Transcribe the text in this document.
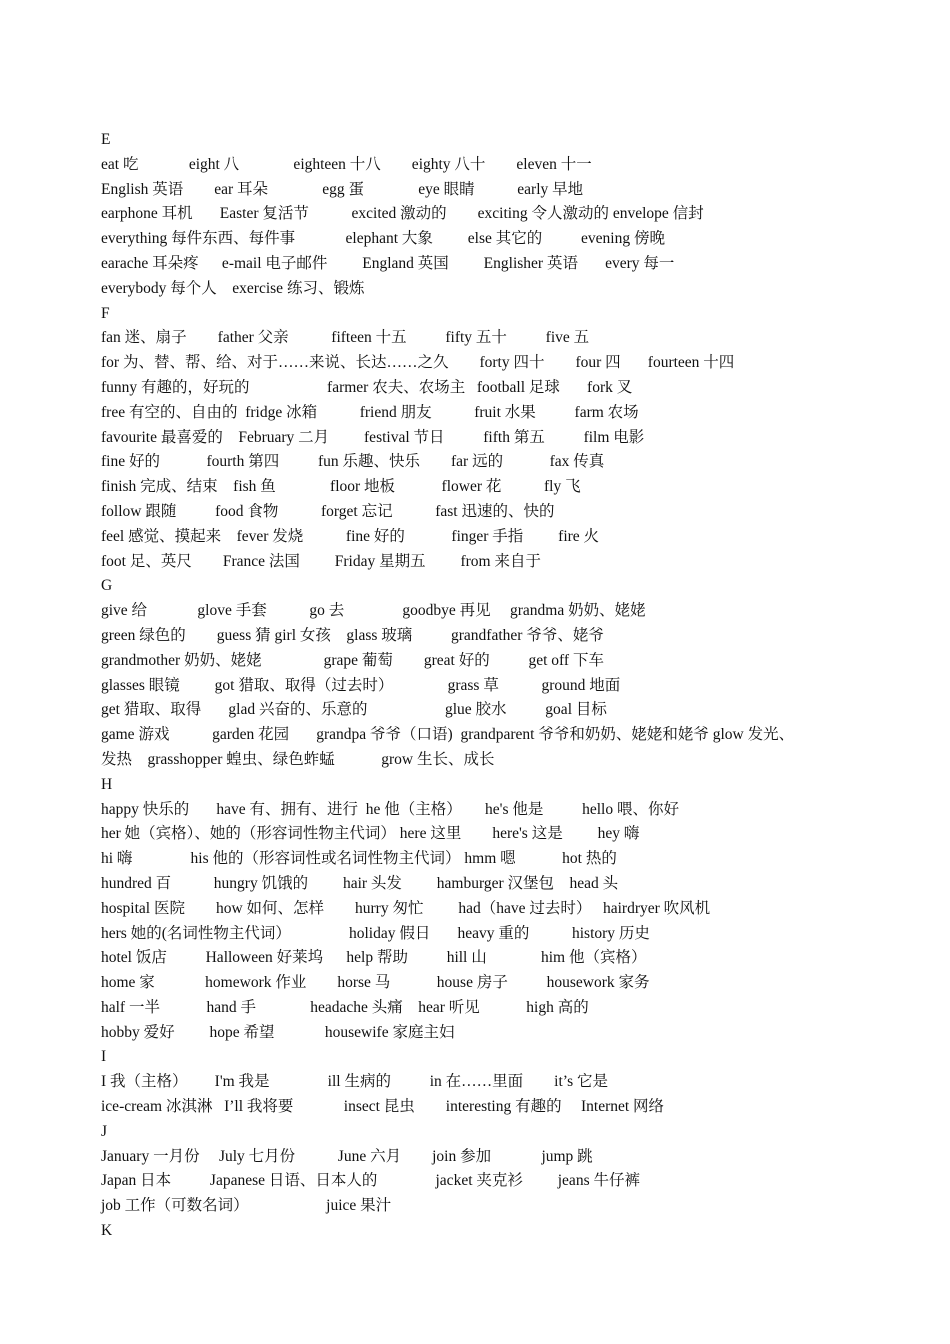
E
eat 吃             eight 八              eighteen 十八        eighty 八十        eleven 十一
English 英语        ear 耳朵              egg 蛋              eye 眼睛           early 早地
earphone 耳机       Easter 复活节           excited 激动的        exciting 令人激动的 envelope 信封
everything 每件东西、每件事             elephant 大象         else 其它的          evening 傍晚
earache 耳朵疼      e-mail 电子邮件         England 英国         Englisher 英语       every 每一
everybody 每个人    exercise 练习、锻炼
F
fan 迷、扇子        father 父亲           fifteen 十五          fifty 五十          five 五
for 为、替、帮、给、对于……来说、长达……之久        forty 四十        four 四       fourteen 十四
funny 有趣的，好玩的                    farmer 农夫、农场主   football 足球       fork 叉
free 有空的、自由的  fridge 冰箱           friend 朋友           fruit 水果          farm 农场
favourite 最喜爱的    February 二月         festival 节日          fifth 第五          film 电影
fine 好的            fourth 第四          fun 乐趣、快乐        far 远的            fax 传真
finish 完成、结束    fish 鱼              floor 地板            flower 花           fly 飞
follow 跟随          food 食物           forget 忘记           fast 迅速的、快的
feel 感觉、摸起来    fever 发烧           fine 好的            finger 手指         fire 火
foot 足、英尺        France 法国         Friday 星期五         from 来自于
G
give 给             glove 手套           go 去               goodbye 再见     grandma 奶奶、姥姥
green 绿色的        guess 猜 girl 女孩    glass 玻璃          grandfather 爷爷、姥爷
grandmother 奶奶、姥姥                grape 葡萄        great 好的          get off 下车
glasses 眼镜         got 猎取、取得（过去时）              grass 草           ground 地面
get 猎取、取得       glad 兴奋的、乐意的                    glue 胶水          goal 目标
game 游戏           garden 花园       grandpa 爷爷（口语)  grandparent 爷爷和奶奶、姥姥和姥爷 glow 发光、
发热    grasshopper 蝗虫、绿色蚱蜢            grow 生长、成长
H
happy 快乐的       have 有、拥有、进行  he 他（主格）      he's 他是          hello 喂、你好
her 她（宾格）、她的（形容词性物主代词） here 这里        here's 这是         hey 嗨
hi 嗨               his 他的（形容词性或名词性物主代词） hmm 嗯            hot 热的
hundred 百           hungry 饥饿的         hair 头发         hamburger 汉堡包    head 头
hospital 医院        how 如何、怎样        hurry 匆忙         had（have 过去时）   hairdryer 吹风机
hers 她的(名词性物主代词）               holiday 假日       heavy 重的           history 历史
hotel 饭店          Halloween 好莱坞      help 帮助          hill 山              him 他（宾格）
home 家             homework 作业        horse 马            house 房子          housework 家务
half 一半            hand 手              headache 头痛    hear 听见            high 高的
hobby 爱好         hope 希望             housewife 家庭主妇
I
I 我（主格）       I'm 我是               ill 生病的          in 在……里面        it’s 它是
ice-cream 冰淇淋   I’ll 我将要             insect 昆虫        interesting 有趣的     Internet 网络
J
January 一月份     July 七月份           June 六月        join 参加             jump 跳
Japan 日本          Japanese 日语、日本人的               jacket 夹克衫         jeans 牛仔裤
job 工作（可数名词）                    juice 果汁
K
